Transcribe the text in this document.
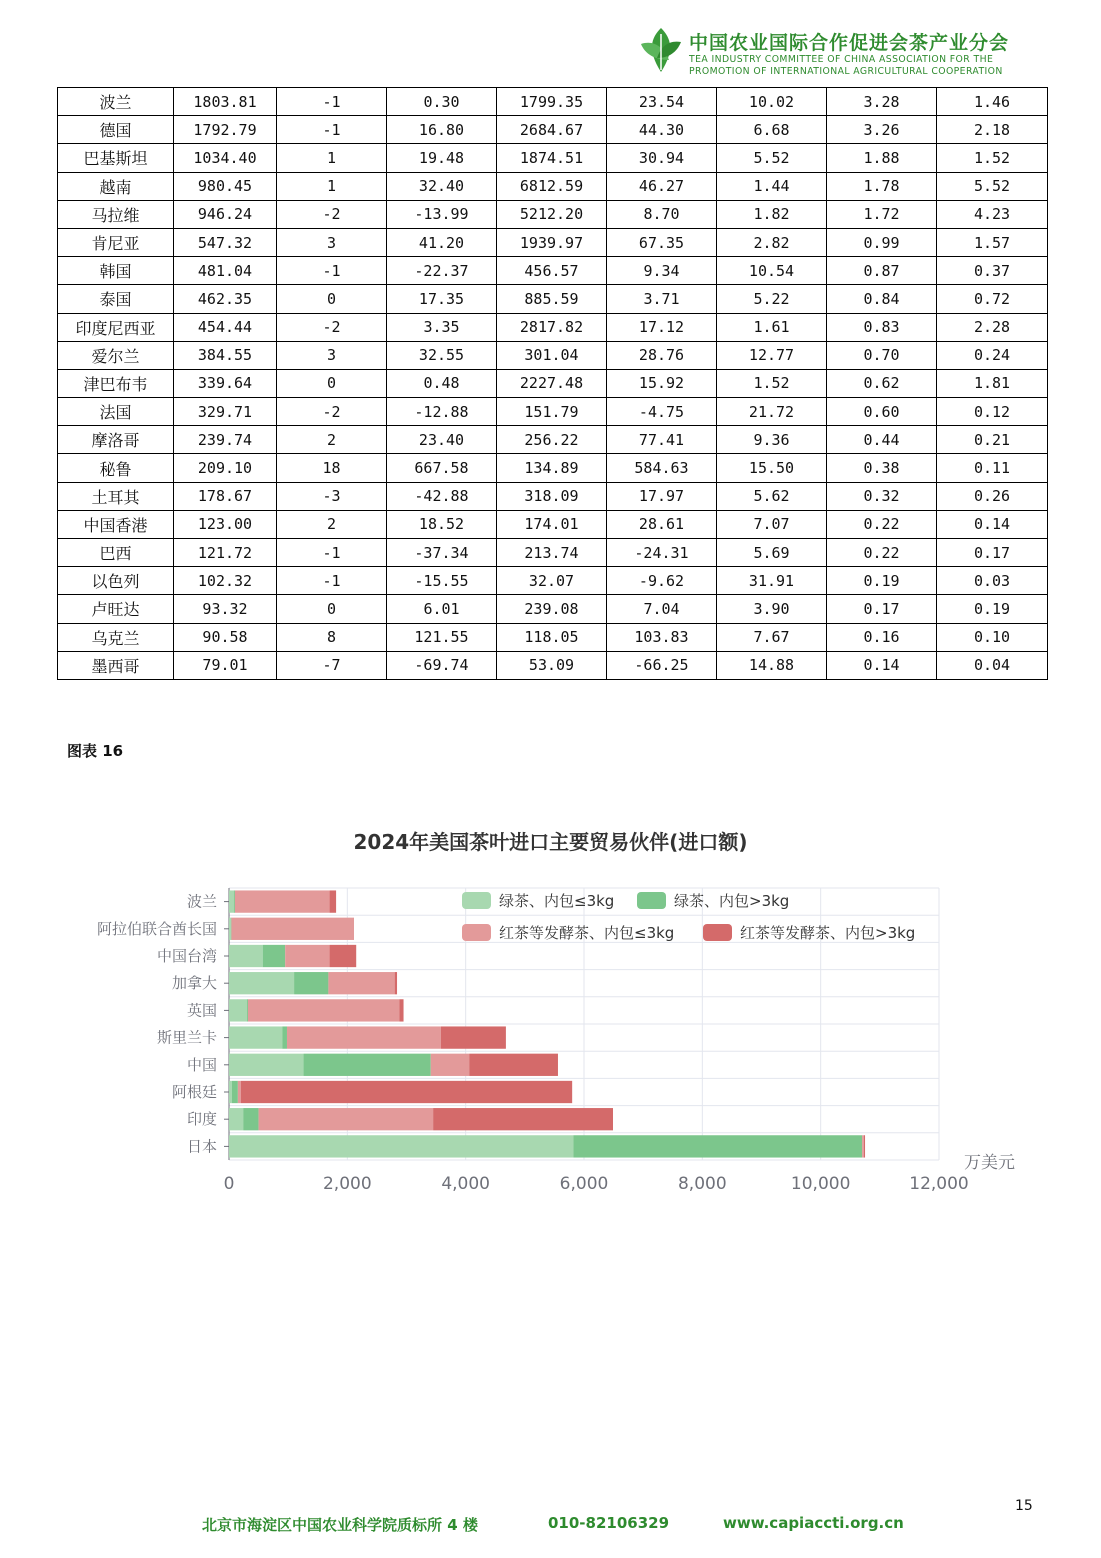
中国农业国际合作促进会茶产业分会
TEA INDUSTRY COMMITTEE OF CHINA ASSOCIATION FOR THE
PROMOTION OF INTERNATIONAL AGRICULTURAL COOPERATION
波兰	1803.81	-1	0.30	1799.35	23.54	10.02	3.28	1.46
德国	1792.79	-1	16.80	2684.67	44.30	6.68	3.26	2.18
巴基斯坦	1034.40	1	19.48	1874.51	30.94	5.52	1.88	1.52
越南	980.45	1	32.40	6812.59	46.27	1.44	1.78	5.52
马拉维	946.24	-2	-13.99	5212.20	8.70	1.82	1.72	4.23
肯尼亚	547.32	3	41.20	1939.97	67.35	2.82	0.99	1.57
韩国	481.04	-1	-22.37	456.57	9.34	10.54	0.87	0.37
泰国	462.35	0	17.35	885.59	3.71	5.22	0.84	0.72
印度尼西亚	454.44	-2	3.35	2817.82	17.12	1.61	0.83	2.28
爱尔兰	384.55	3	32.55	301.04	28.76	12.77	0.70	0.24
津巴布韦	339.64	0	0.48	2227.48	15.92	1.52	0.62	1.81
法国	329.71	-2	-12.88	151.79	-4.75	21.72	0.60	0.12
摩洛哥	239.74	2	23.40	256.22	77.41	9.36	0.44	0.21
秘鲁	209.10	18	667.58	134.89	584.63	15.50	0.38	0.11
土耳其	178.67	-3	-42.88	318.09	17.97	5.62	0.32	0.26
中国香港	123.00	2	18.52	174.01	28.61	7.07	0.22	0.14
巴西	121.72	-1	-37.34	213.74	-24.31	5.69	0.22	0.17
以色列	102.32	-1	-15.55	32.07	-9.62	31.91	0.19	0.03
卢旺达	93.32	0	6.01	239.08	7.04	3.90	0.17	0.19
乌克兰	90.58	8	121.55	118.05	103.83	7.67	0.16	0.10
墨西哥	79.01	-7	-69.74	53.09	-66.25	14.88	0.14	0.04
图表 16
2024年美国茶叶进口主要贸易伙伴(进口额)
日本
印度
阿根廷
中国
斯里兰卡
英国
加拿大
中国台湾
阿拉伯联合酋长国
波兰
0	2,000	4,000	6,000	8,000	10,000	12,000
万美元
绿茶、内包≤3kg	绿茶、内包>3kg
红茶等发酵茶、内包≤3kg	红茶等发酵茶、内包>3kg
15
北京市海淀区中国农业科学院质标所 4 楼	010-82106329	www.capiaccti.org.cn
